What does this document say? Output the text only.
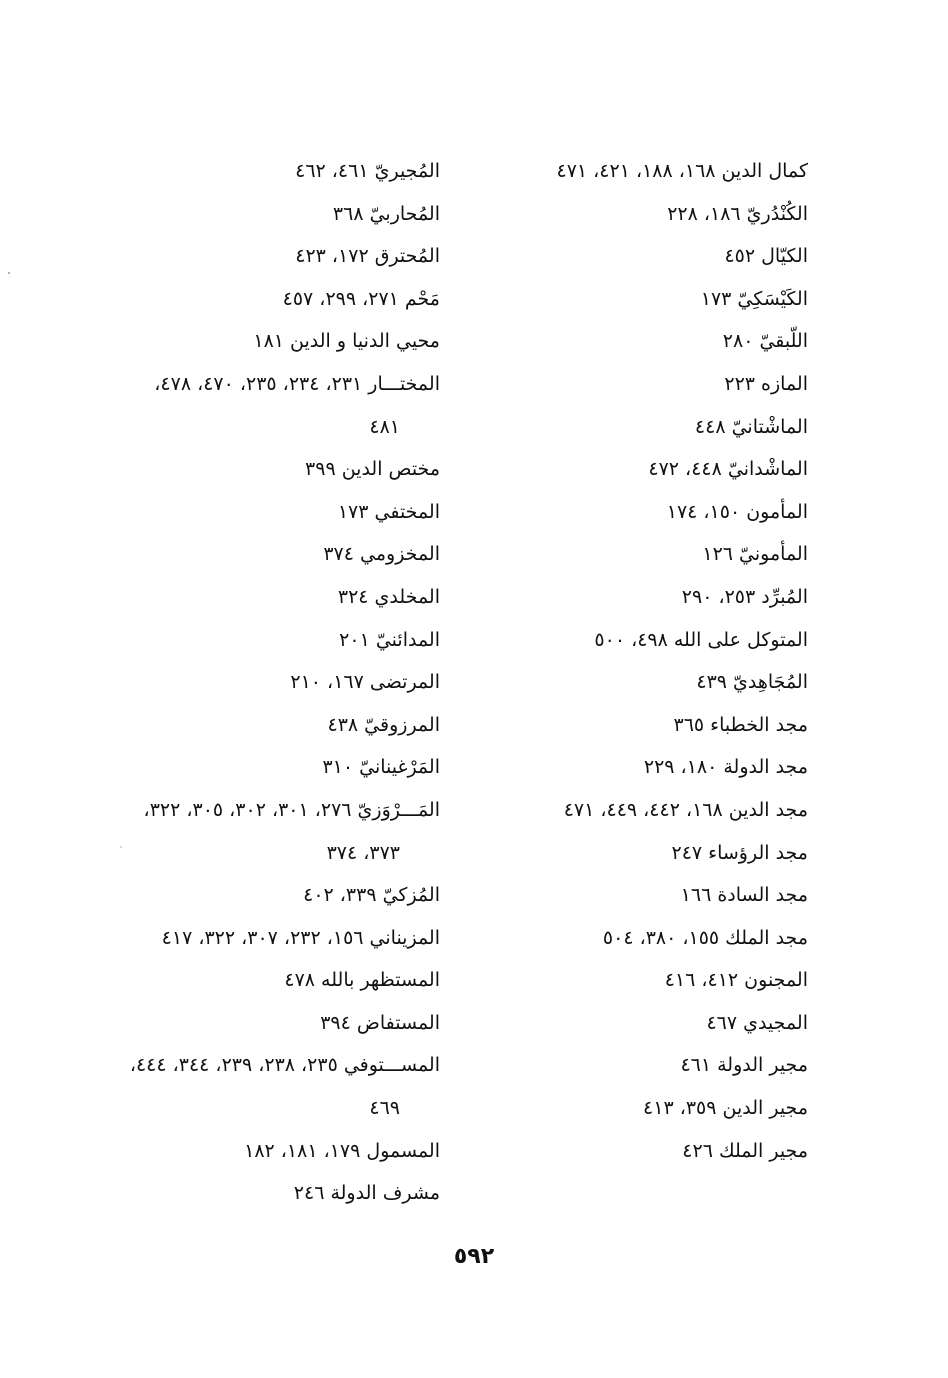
كمال الدين ١٦٨، ١٨٨، ٤٢١، ٤٧١
الكُنْدُريّ ١٨٦، ٢٢٨
الكيّال ٤٥٢
الكَيْسَكِيّ ١٧٣
اللّبقيّ ٢٨٠
المازه ٢٢٣
الماشْتانيّ ٤٤٨
الماشْدانيّ ٤٤٨، ٤٧٢
المأمون ١٥٠، ١٧٤
المأمونيّ ١٢٦
المُبرِّد ٢٥٣، ٢٩٠
المتوكل على الله ٤٩٨، ٥٠٠
المُجَاهِديّ ٤٣٩
مجد الخطباء ٣٦٥
مجد الدولة ١٨٠، ٢٢٩
مجد الدين ١٦٨، ٤٤٢، ٤٤٩، ٤٧١
مجد الرؤساء ٢٤٧
مجد السادة ١٦٦
مجد الملك ١٥٥، ٣٨٠، ٥٠٤
المجنون ٤١٢، ٤١٦
المجيدي ٤٦٧
مجير الدولة ٤٦١
مجير الدين ٣٥٩، ٤١٣
مجير الملك ٤٢٦
المُجيريّ ٤٦١، ٤٦٢
المُحاربيّ ٣٦٨
المُحترق ١٧٢، ٤٢٣
مَحْم ٢٧١، ٢٩٩، ٤٥٧
محيي الدنيا و الدين ١٨١
المختـــار ٢٣١، ٢٣٤، ٢٣٥، ٤٧٠، ٤٧٨،
٤٨١
مختص الدين ٣٩٩
المختفي ١٧٣
المخزومي ٣٧٤
المخلدي ٣٢٤
المدائنيّ ٢٠١
المرتضى ١٦٧، ٢١٠
المرزوقيّ ٤٣٨
المَرْغينانيّ ٣١٠
المَـــرْوَزيّ ٢٧٦، ٣٠١، ٣٠٢، ٣٠٥، ٣٢٢،
٣٧٣، ٣٧٤
المُزكيّ ٣٣٩، ٤٠٢
المزيناني ١٥٦، ٢٣٢، ٣٠٧، ٣٢٢، ٤١٧
المستظهر بالله ٤٧٨
المستفاض ٣٩٤
المســـتوفي ٢٣٥، ٢٣٨، ٢٣٩، ٣٤٤، ٤٤٤،
٤٦٩
المسمول ١٧٩، ١٨١، ١٨٢
مشرف الدولة ٢٤٦
٥٩٢
